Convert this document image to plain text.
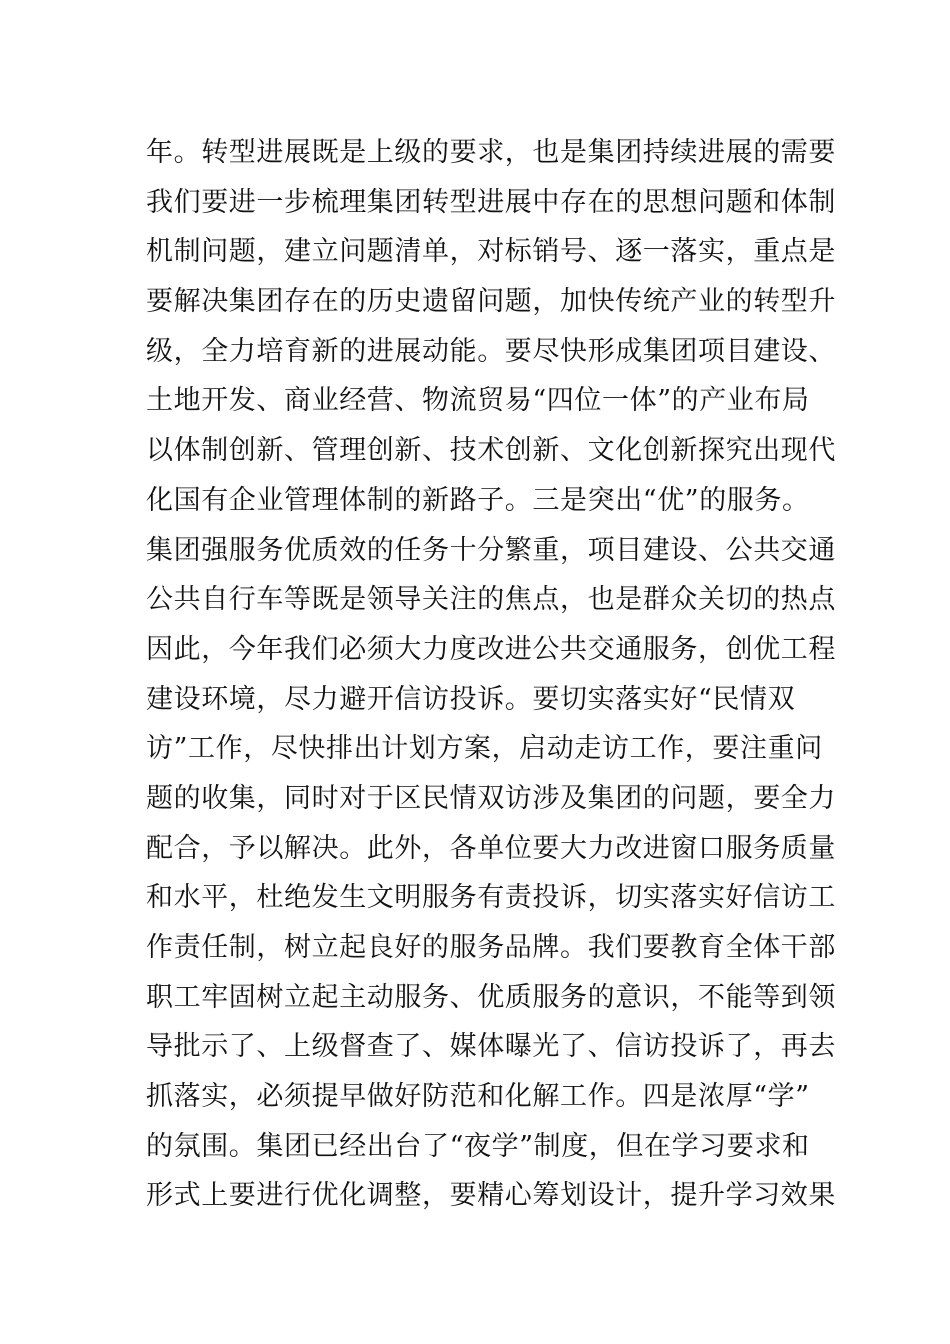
年。转型进展既是上级的要求，也是集团持续进展的需要
我们要进一步梳理集团转型进展中存在的思想问题和体制
机制问题，建立问题清单，对标销号、逐一落实，重点是
要解决集团存在的历史遗留问题，加快传统产业的转型升
级，全力培育新的进展动能。要尽快形成集团项目建设、
土地开发、商业经营、物流贸易“四位一体”的产业布局
以体制创新、管理创新、技术创新、文化创新探究出现代
化国有企业管理体制的新路子。三是突出“优”的服务。
集团强服务优质效的任务十分繁重，项目建设、公共交通
公共自行车等既是领导关注的焦点，也是群众关切的热点
因此，今年我们必须大力度改进公共交通服务，创优工程
建设环境，尽力避开信访投诉。要切实落实好“民情双
访”工作，尽快排出计划方案，启动走访工作，要注重问
题的收集，同时对于区民情双访涉及集团的问题，要全力
配合，予以解决。此外，各单位要大力改进窗口服务质量
和水平，杜绝发生文明服务有责投诉，切实落实好信访工
作责任制，树立起良好的服务品牌。我们要教育全体干部
职工牢固树立起主动服务、优质服务的意识，不能等到领
导批示了、上级督查了、媒体曝光了、信访投诉了，再去
抓落实，必须提早做好防范和化解工作。四是浓厚“学”
的氛围。集团已经出台了“夜学”制度，但在学习要求和
形式上要进行优化调整，要精心筹划设计，提升学习效果
